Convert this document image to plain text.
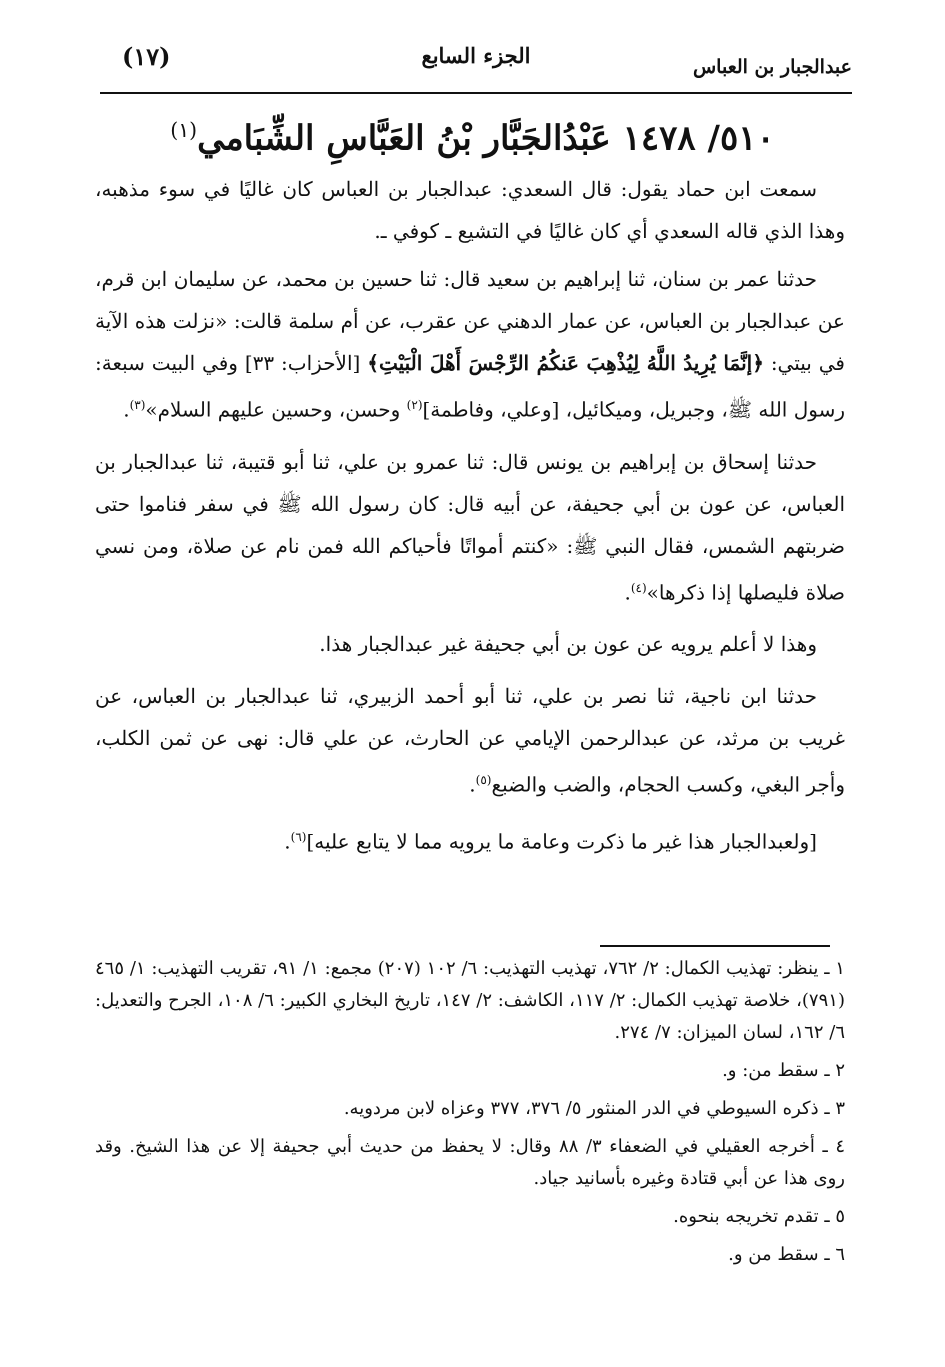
عبدالجبار بن العباس
الجزء السابع
(١٧)
٥١٠/ ١٤٧٨ عَبْدُالجَبَّار بْنُ العَبَّاسِ الشِّبَامي$^{(١)}$

سمعت ابن حماد يقول: قال السعدي: عبدالجبار بن العباس كان غاليًا في سوء مذهبه، وهذا الذي قاله السعدي أي كان غاليًا في التشيع ـ كوفي ـ.

حدثنا عمر بن سنان، ثنا إبراهيم بن سعيد قال: ثنا حسين بن محمد، عن سليمان ابن قرم، عن عبدالجبار بن العباس، عن عمار الدهني عن عقرب، عن أم سلمة قالت: «نزلت هذه الآية في بيتي: ﴿إنَّمَا يُرِيدُ اللَّهُ لِيُذْهِبَ عَنكُمُ الرِّجْسَ أَهْلَ الْبَيْتِ﴾ [الأحزاب: ٣٣] وفي البيت سبعة: رسول الله ﷺ، وجبريل، وميكائيل، [وعلي، وفاطمة]$^{(٢)}$ وحسن، وحسين عليهم السلام»$^{(٣)}$.

حدثنا إسحاق بن إبراهيم بن يونس قال: ثنا عمرو بن علي، ثنا أبو قتيبة، ثنا عبدالجبار بن العباس، عن عون بن أبي جحيفة، عن أبيه قال: كان رسول الله ﷺ في سفر فناموا حتى ضربتهم الشمس، فقال النبي ﷺ: «كنتم أمواتًا فأحياكم الله فمن نام عن صلاة، ومن نسي صلاة فليصلها إذا ذكرها»$^{(٤)}$.

وهذا لا أعلم يرويه عن عون بن أبي جحيفة غير عبدالجبار هذا.

حدثنا ابن ناجية، ثنا نصر بن علي، ثنا أبو أحمد الزبيري، ثنا عبدالجبار بن العباس، عن غريب بن مرثد، عن عبدالرحمن الإيامي عن الحارث، عن علي قال: نهى عن ثمن الكلب، وأجر البغي، وكسب الحجام، والضب والضبع$^{(٥)}$.

[ولعبدالجبار هذا غير ما ذكرت وعامة ما يرويه مما لا يتابع عليه]$^{(٦)}$.

١ ـ ينظر: تهذيب الكمال: ٢/ ٧٦٢، تهذيب التهذيب: ٦/ ١٠٢ (٢٠٧) مجمع: ١/ ٩١، تقريب التهذيب: ١/ ٤٦٥ (٧٩١)، خلاصة تهذيب الكمال: ٢/ ١١٧، الكاشف: ٢/ ١٤٧، تاريخ البخاري الكبير: ٦/ ١٠٨، الجرح والتعديل: ٦/ ١٦٢، لسان الميزان: ٧/ ٢٧٤.

٢ ـ سقط من: و.

٣ ـ ذكره السيوطي في الدر المنثور ٥/ ٣٧٦، ٣٧٧ وعزاه لابن مردويه.

٤ ـ أخرجه العقيلي في الضعفاء ٣/ ٨٨ وقال: لا يحفظ من حديث أبي جحيفة إلا عن هذا الشيخ. وقد روى هذا عن أبي قتادة وغيره بأسانيد جياد.

٥ ـ تقدم تخريجه بنحوه.

٦ ـ سقط من و.
